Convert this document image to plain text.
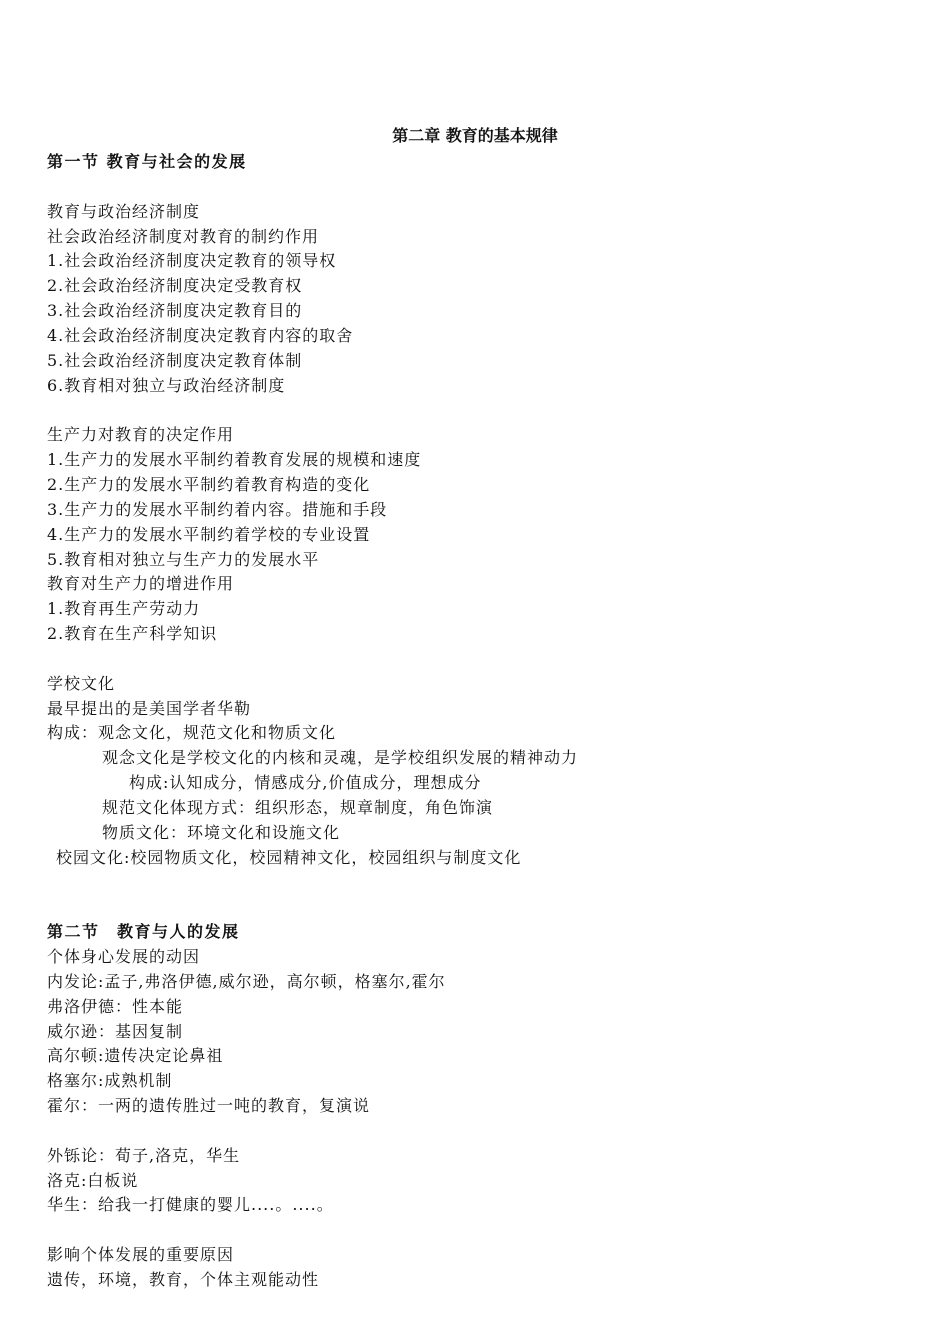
第二章 教育的基本规律
第一节 教育与社会的发展
教育与政治经济制度
社会政治经济制度对教育的制约作用
1.社会政治经济制度决定教育的领导权
2.社会政治经济制度决定受教育权
3.社会政治经济制度决定教育目的
4.社会政治经济制度决定教育内容的取舍
5.社会政治经济制度决定教育体制
6.教育相对独立与政治经济制度
生产力对教育的决定作用
1.生产力的发展水平制约着教育发展的规模和速度
2.生产力的发展水平制约着教育构造的变化
3.生产力的发展水平制约着内容。措施和手段
4.生产力的发展水平制约着学校的专业设置
5.教育相对独立与生产力的发展水平
教育对生产力的增进作用
1.教育再生产劳动力
2.教育在生产科学知识
学校文化
最早提出的是美国学者华勒
构成：观念文化，规范文化和物质文化
观念文化是学校文化的内核和灵魂，是学校组织发展的精神动力
构成:认知成分，情感成分,价值成分，理想成分
规范文化体现方式：组织形态，规章制度，角色饰演
物质文化：环境文化和设施文化
校园文化:校园物质文化，校园精神文化，校园组织与制度文化
第二节　教育与人的发展
个体身心发展的动因
内发论:孟子,弗洛伊德,威尔逊，高尔顿，格塞尔,霍尔
弗洛伊德：性本能
威尔逊：基因复制
高尔顿:遗传决定论鼻祖
格塞尔:成熟机制
霍尔：一两的遗传胜过一吨的教育，复演说
外铄论：荀子,洛克，华生
洛克:白板说
华生：给我一打健康的婴儿....。....。
影响个体发展的重要原因
遗传，环境，教育，个体主观能动性
